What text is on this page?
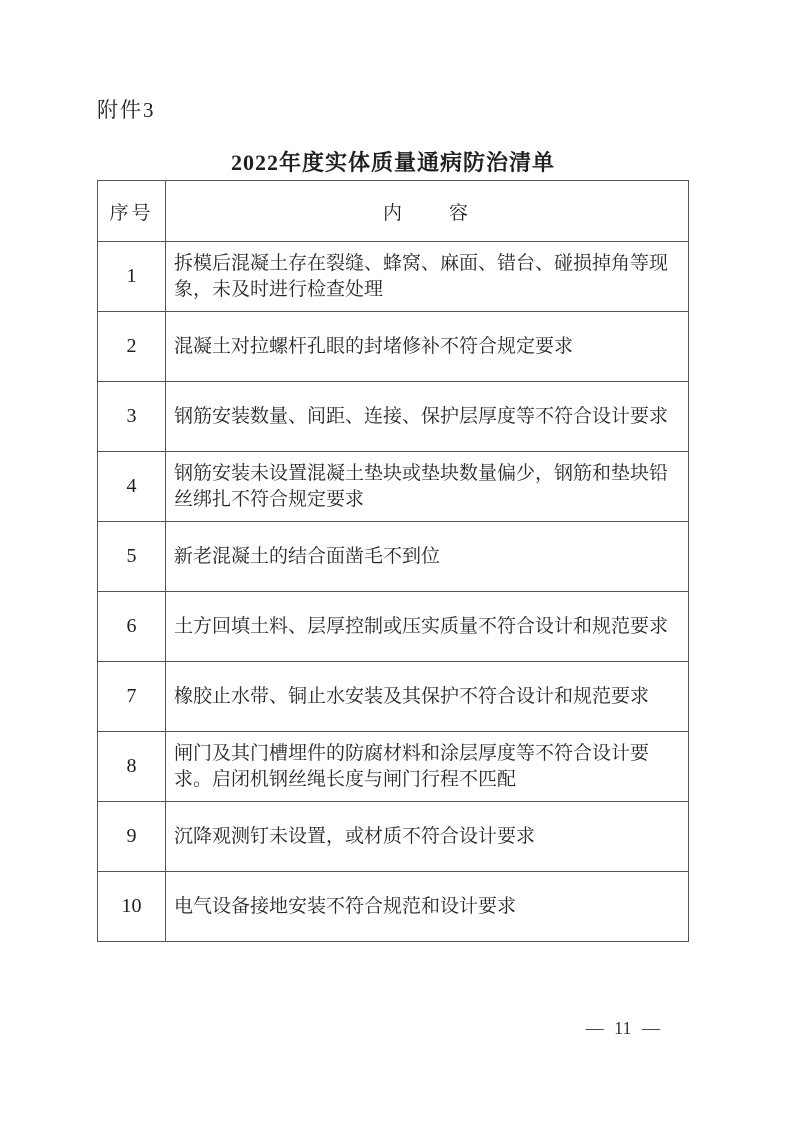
附件3
2022年度实体质量通病防治清单
序号	内　　容
1	拆模后混凝土存在裂缝、蜂窝、麻面、错台、碰损掉角等现象，未及时进行检查处理
2	混凝土对拉螺杆孔眼的封堵修补不符合规定要求
3	钢筋安装数量、间距、连接、保护层厚度等不符合设计要求
4	钢筋安装未设置混凝土垫块或垫块数量偏少，钢筋和垫块铅丝绑扎不符合规定要求
5	新老混凝土的结合面凿毛不到位
6	土方回填土料、层厚控制或压实质量不符合设计和规范要求
7	橡胶止水带、铜止水安装及其保护不符合设计和规范要求
8	闸门及其门槽埋件的防腐材料和涂层厚度等不符合设计要求。启闭机钢丝绳长度与闸门行程不匹配
9	沉降观测钉未设置，或材质不符合设计要求
10	电气设备接地安装不符合规范和设计要求
— 11 —
